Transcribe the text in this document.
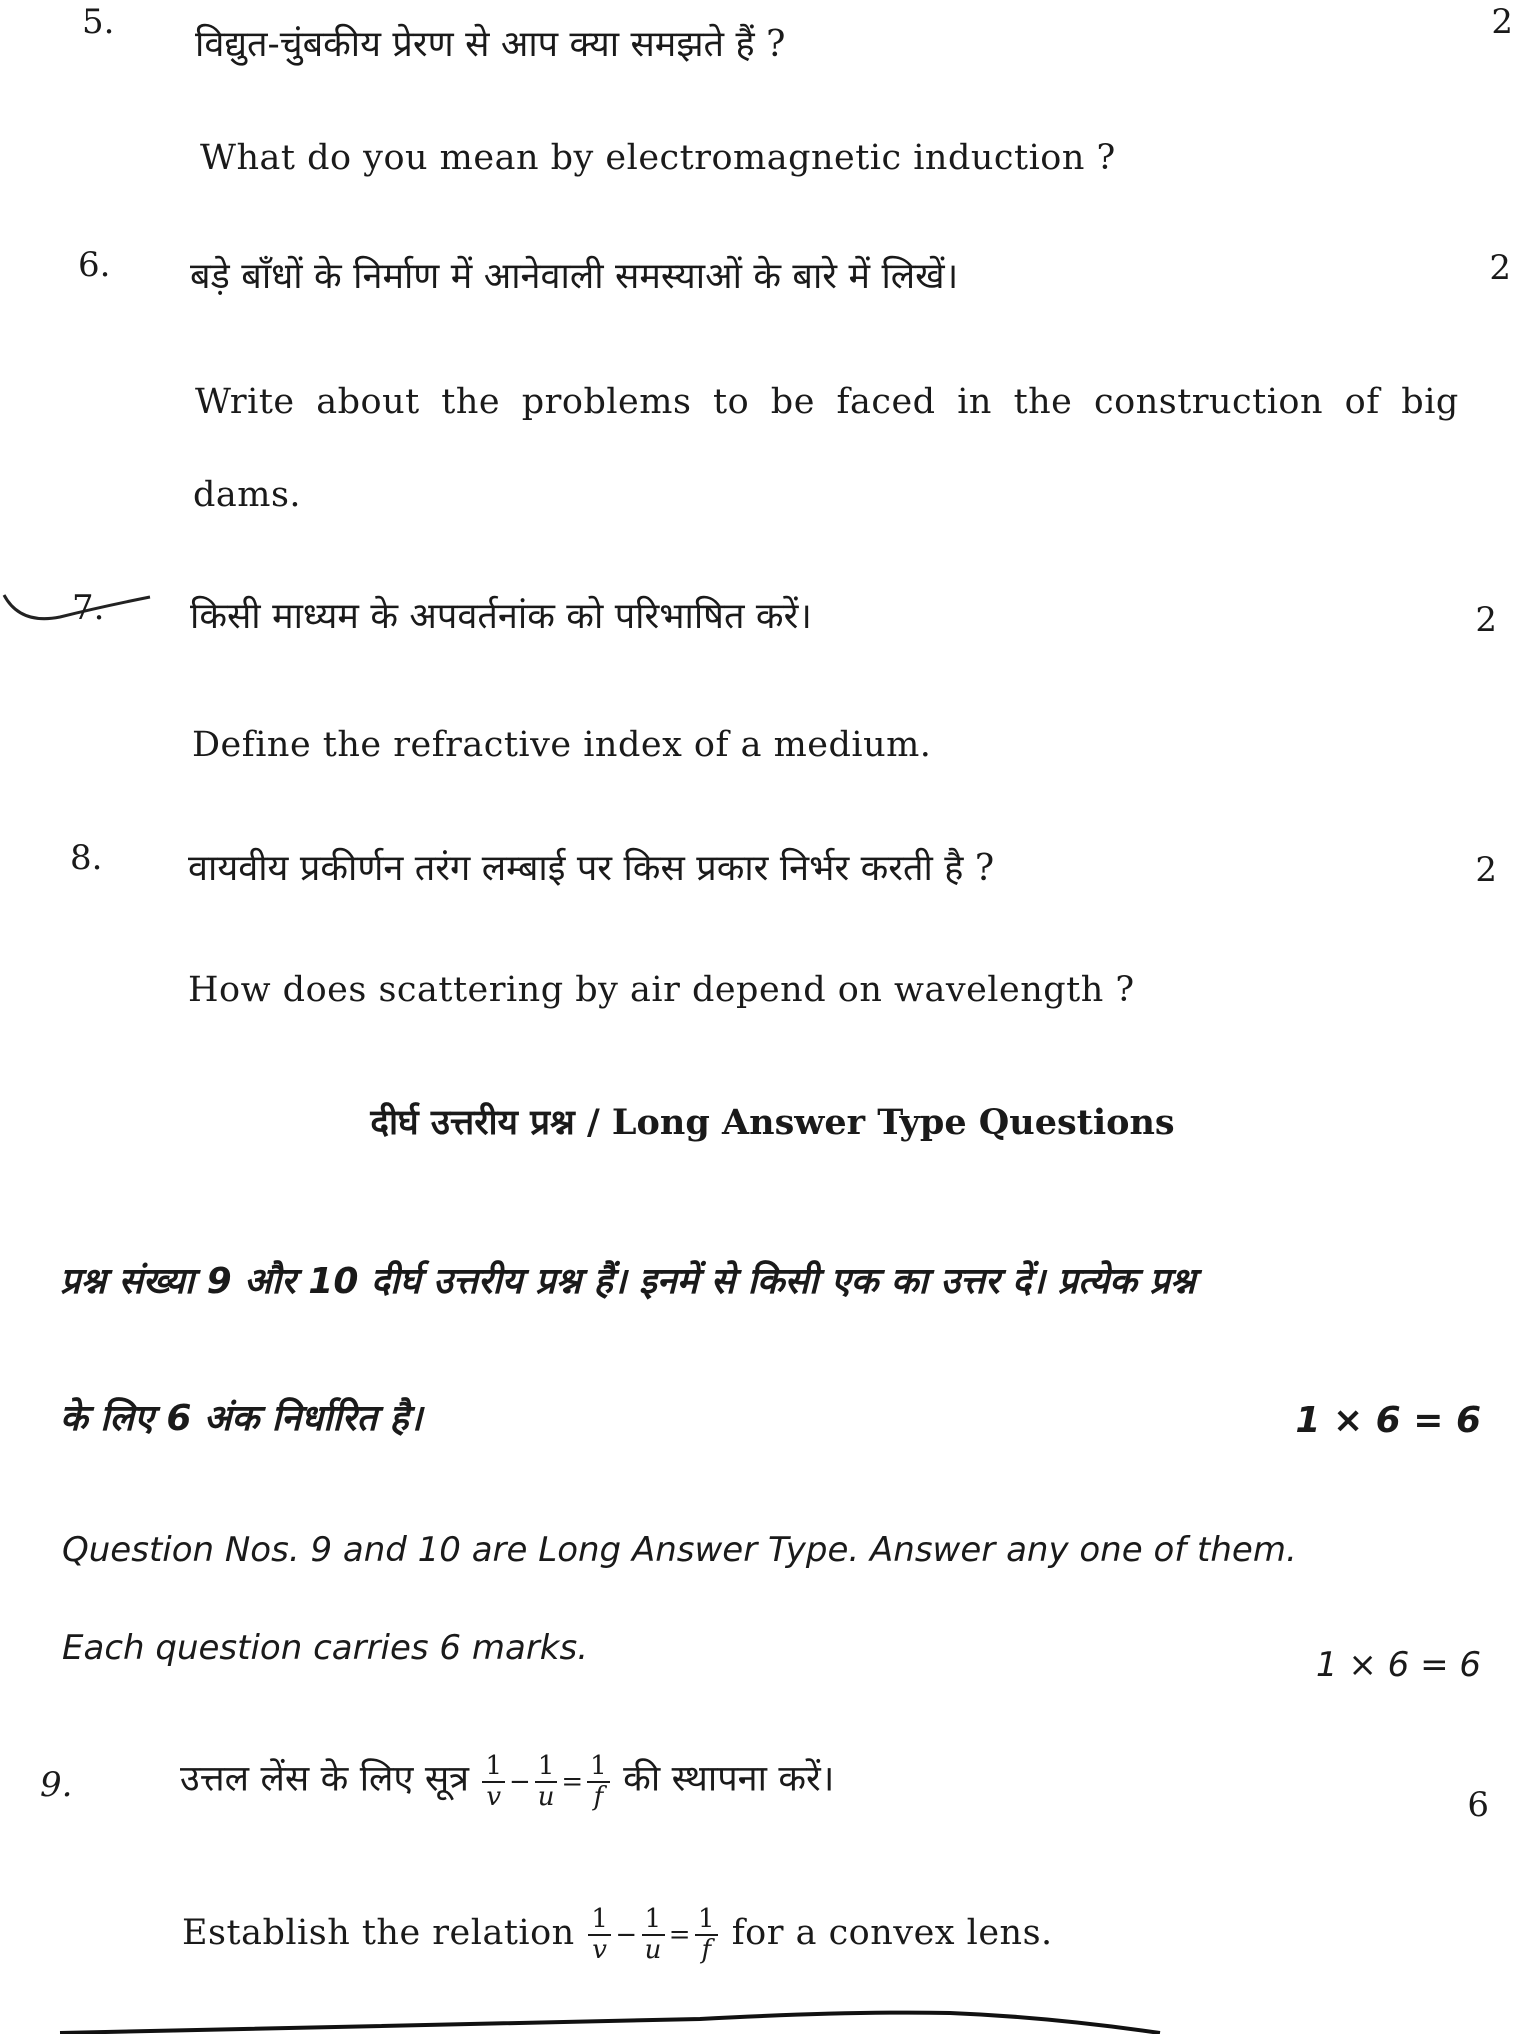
5.
विद्युत-चुंबकीय प्रेरण से आप क्या समझते हैं ?
2
What do you mean by electromagnetic induction ?
6. बड़े बाँधों के निर्माण में आनेवाली समस्याओं के बारे में लिखें।	2
Write about the problems to be faced in the construction of big
dams.
7. किसी माध्यम के अपवर्तनांक को परिभाषित करें।	2
Define the refractive index of a medium.
8. वायवीय प्रकीर्णन तरंग लम्बाई पर किस प्रकार निर्भर करती है ?	2
How does scattering by air depend on wavelength ?
दीर्घ उत्तरीय प्रश्न / Long Answer Type Questions
प्रश्न संख्या 9 और 10 दीर्घ उत्तरीय प्रश्न हैं। इनमें से किसी एक का उत्तर दें। प्रत्येक प्रश्न
के लिए 6 अंक निर्धारित है।	1 × 6 = 6
Question Nos. 9 and 10 are Long Answer Type. Answer any one of them.
Each question carries 6 marks.	1 × 6 = 6
9.	उत्तल लेंस के लिए सूत्र $\frac{1}{v} - \frac{1}{u} = \frac{1}{f}$ की स्थापना करें।
6
Establish the relation $\frac{1}{v} - \frac{1}{u} = \frac{1}{f}$ for a convex lens.
